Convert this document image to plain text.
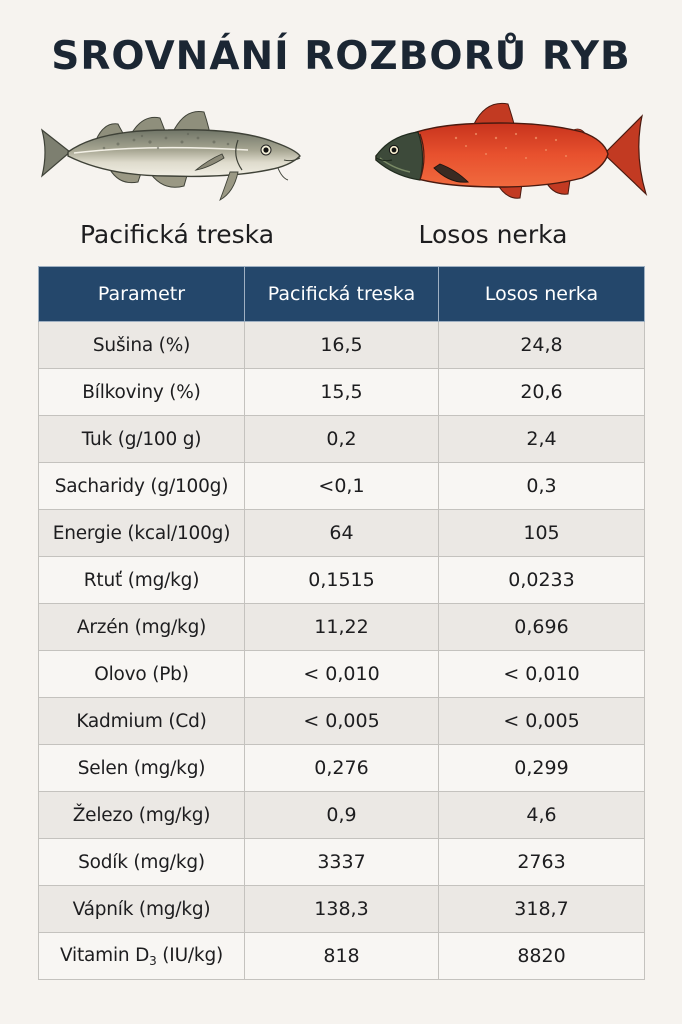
SROVNÁNÍ ROZBORŮ RYB
Pacifická treska	Losos nerka
Parametr	Pacifická treska	Losos nerka
Sušina (%)	16,5	24,8
Bílkoviny (%)	15,5	20,6
Tuk (g/100 g)	0,2	2,4
Sacharidy (g/100g)	<0,1	0,3
Energie (kcal/100g)	64	105
Rtuť (mg/kg)	0,1515	0,0233
Arzén (mg/kg)	11,22	0,696
Olovo (Pb)	< 0,010	< 0,010
Kadmium (Cd)	< 0,005	< 0,005
Selen (mg/kg)	0,276	0,299
Železo (mg/kg)	0,9	4,6
Sodík (mg/kg)	3337	2763
Vápník (mg/kg)	138,3	318,7
Vitamin $D_3$ (IU/kg)	818	8820
